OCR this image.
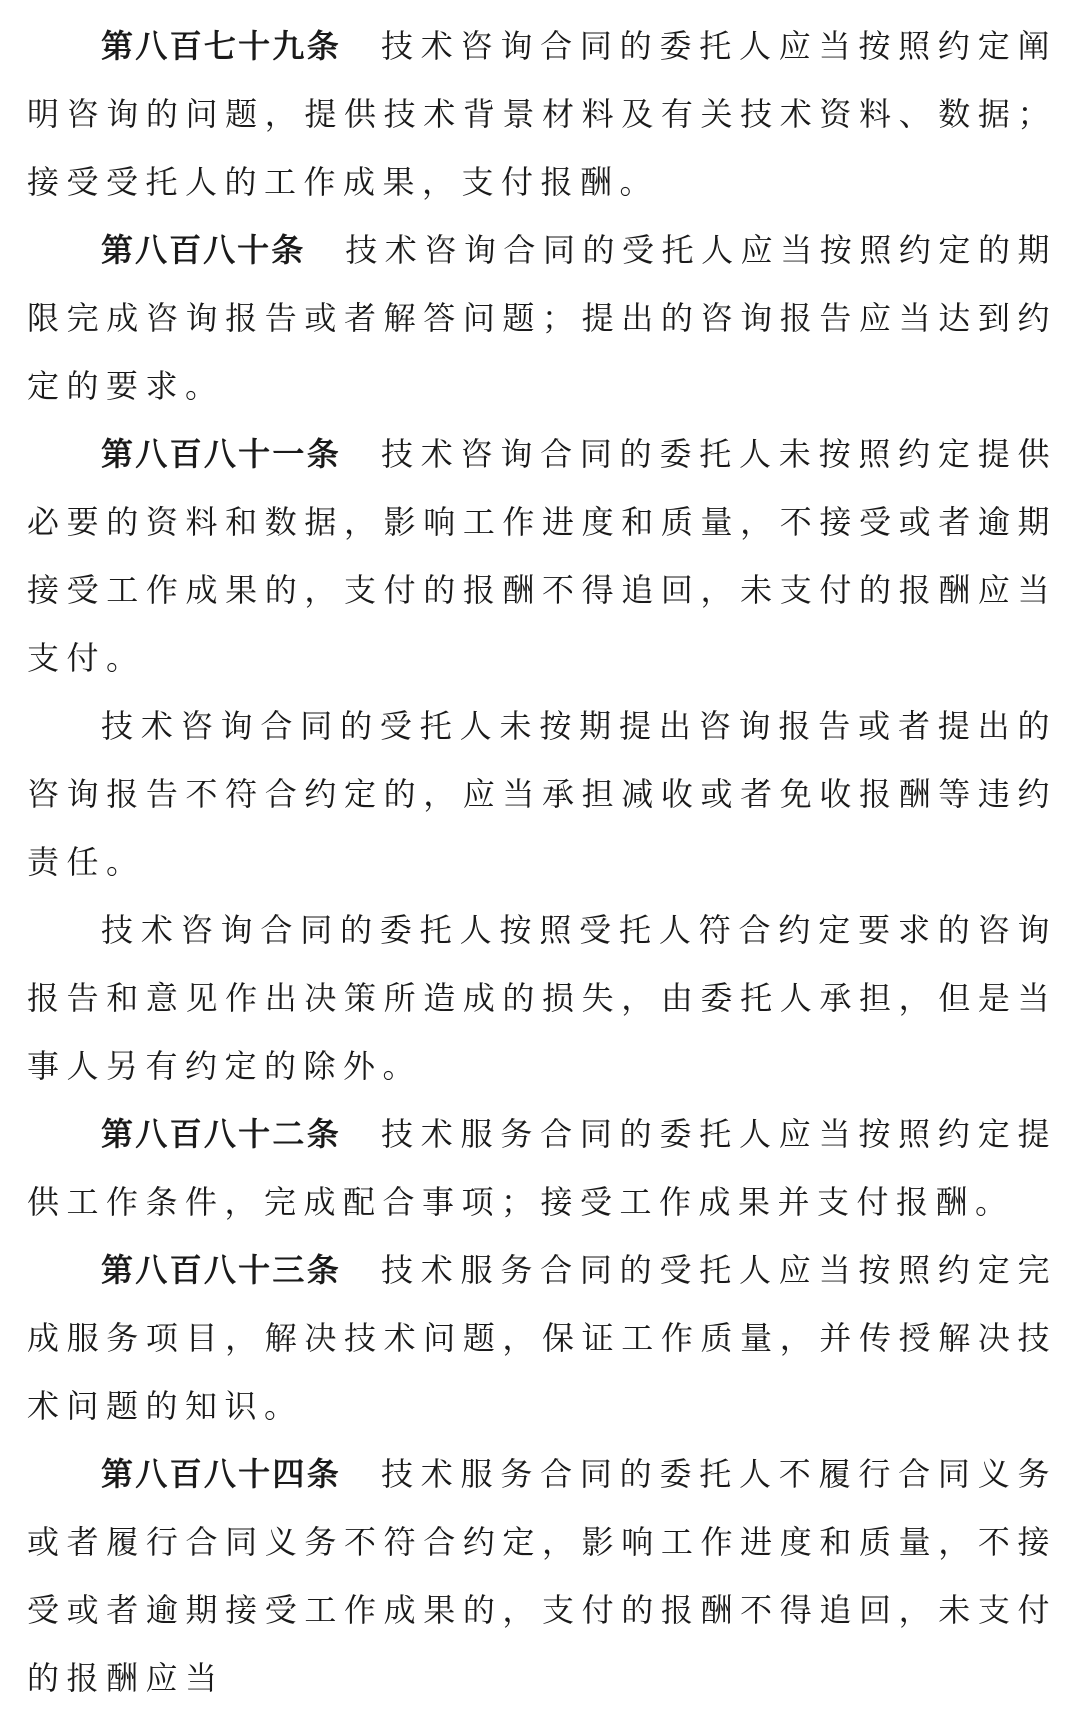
第八百七十九条 技术咨询合同的委托人应当按照约定阐明咨询的问题，提供技术背景材料及有关技术资料、数据；接受受托人的工作成果，支付报酬。

第八百八十条 技术咨询合同的受托人应当按照约定的期限完成咨询报告或者解答问题；提出的咨询报告应当达到约定的要求。

第八百八十一条 技术咨询合同的委托人未按照约定提供必要的资料和数据，影响工作进度和质量，不接受或者逾期接受工作成果的，支付的报酬不得追回，未支付的报酬应当支付。

技术咨询合同的受托人未按期提出咨询报告或者提出的咨询报告不符合约定的，应当承担减收或者免收报酬等违约责任。

技术咨询合同的委托人按照受托人符合约定要求的咨询报告和意见作出决策所造成的损失，由委托人承担，但是当事人另有约定的除外。

第八百八十二条 技术服务合同的委托人应当按照约定提供工作条件，完成配合事项；接受工作成果并支付报酬。

第八百八十三条 技术服务合同的受托人应当按照约定完成服务项目，解决技术问题，保证工作质量，并传授解决技术问题的知识。

第八百八十四条 技术服务合同的委托人不履行合同义务或者履行合同义务不符合约定，影响工作进度和质量，不接受或者逾期接受工作成果的，支付的报酬不得追回，未支付的报酬应当
